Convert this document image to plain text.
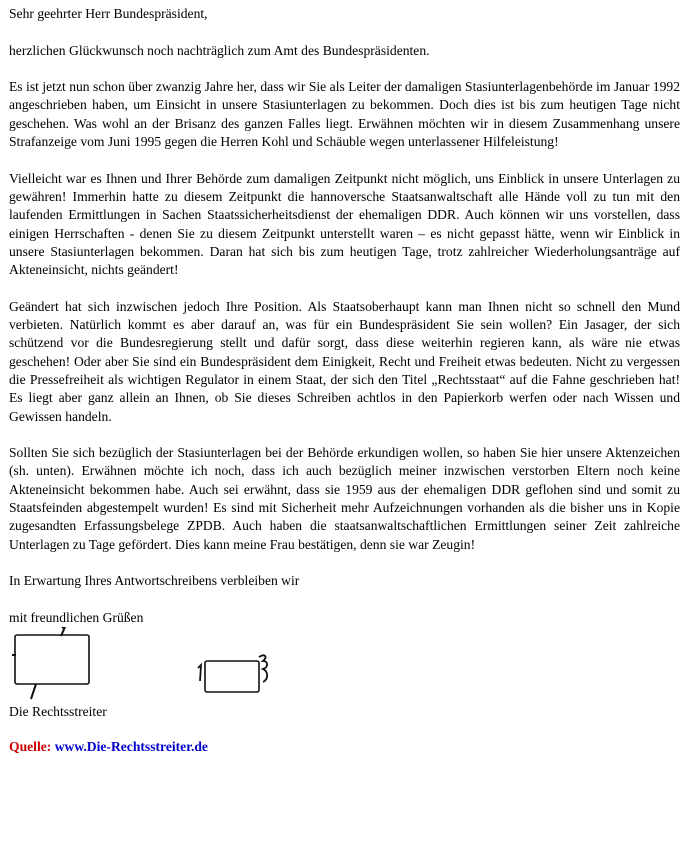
Sehr geehrter Herr Bundespräsident,

herzlichen Glückwunsch noch nachträglich zum Amt des Bundespräsidenten.

Es ist jetzt nun schon über zwanzig Jahre her, dass wir Sie als Leiter der damaligen Stasiunterlagenbehörde im Januar 1992 angeschrieben haben, um Einsicht in unsere Stasiunterlagen zu bekommen. Doch dies ist bis zum heutigen Tage nicht geschehen. Was wohl an der Brisanz des ganzen Falles liegt. Erwähnen möchten wir in diesem Zusammenhang unsere Strafanzeige vom Juni 1995 gegen die Herren Kohl und Schäuble wegen unterlassener Hilfeleistung!

Vielleicht war es Ihnen und Ihrer Behörde zum damaligen Zeitpunkt nicht möglich, uns Einblick in unsere Unterlagen zu gewähren! Immerhin hatte zu diesem Zeitpunkt die hannoversche Staatsanwaltschaft alle Hände voll zu tun mit den laufenden Ermittlungen in Sachen Staatssicherheitsdienst der ehemaligen DDR. Auch können wir uns vorstellen, dass einigen Herrschaften - denen Sie zu diesem Zeitpunkt unterstellt waren – es nicht gepasst hätte, wenn wir Einblick in unsere Stasiunterlagen bekommen. Daran hat sich bis zum heutigen Tage, trotz zahlreicher Wiederholungsanträge auf Akteneinsicht, nichts geändert!

Geändert hat sich inzwischen jedoch Ihre Position. Als Staatsoberhaupt kann man Ihnen nicht so schnell den Mund verbieten. Natürlich kommt es aber darauf an, was für ein Bundespräsident Sie sein wollen? Ein Jasager, der sich schützend vor die Bundesregierung stellt und dafür sorgt, dass diese weiterhin regieren kann, als wäre nie etwas geschehen! Oder aber Sie sind ein Bundespräsident dem Einigkeit, Recht und Freiheit etwas bedeuten. Nicht zu vergessen die Pressefreiheit als wichtigen Regulator in einem Staat, der sich den Titel „Rechtsstaat“ auf die Fahne geschrieben hat! Es liegt aber ganz allein an Ihnen, ob Sie dieses Schreiben achtlos in den Papierkorb werfen oder nach Wissen und Gewissen handeln.

Sollten Sie sich bezüglich der Stasiunterlagen bei der Behörde erkundigen wollen, so haben Sie hier unsere Aktenzeichen (sh. unten). Erwähnen möchte ich noch, dass ich auch bezüglich meiner inzwischen verstorben Eltern noch keine Akteneinsicht bekommen habe. Auch sei erwähnt, dass sie 1959 aus der ehemaligen DDR geflohen sind und somit zu Staatsfeinden abgestempelt wurden! Es sind mit Sicherheit mehr Aufzeichnungen vorhanden als die bisher uns in Kopie zugesandten Erfassungsbelege ZPDB. Auch haben die staatsanwaltschaftlichen Ermittlungen seiner Zeit zahlreiche Unterlagen zu Tage gefördert. Dies kann meine Frau bestätigen, denn sie war Zeugin!

In Erwartung Ihres Antwortschreibens verbleiben wir

mit freundlichen Grüßen

Die Rechtsstreiter

Quelle: www.Die-Rechtsstreiter.de
